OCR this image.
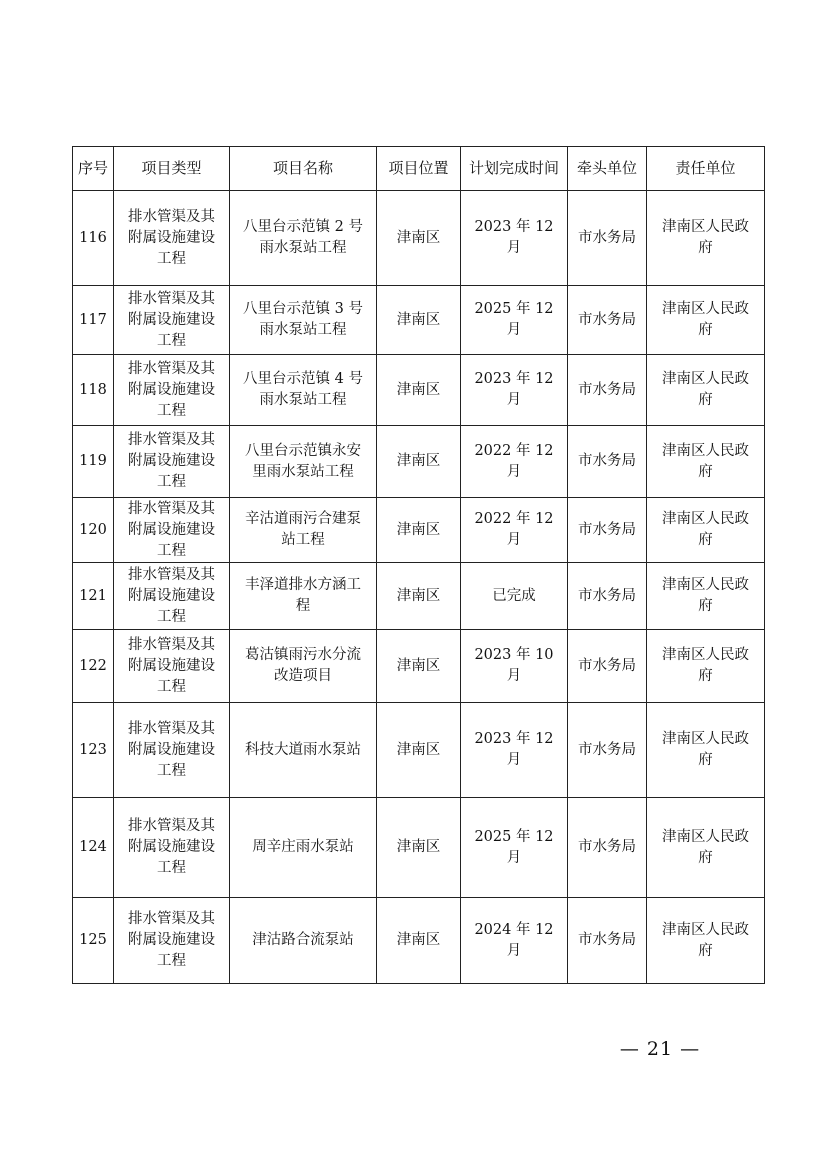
序号	项目类型	项目名称	项目位置	计划完成时间	牵头单位	责任单位
116	排水管渠及其附属设施建设工程	八里台示范镇 2 号雨水泵站工程	津南区	2023 年 12 月	市水务局	津南区人民政府
117	排水管渠及其附属设施建设工程	八里台示范镇 3 号雨水泵站工程	津南区	2025 年 12 月	市水务局	津南区人民政府
118	排水管渠及其附属设施建设工程	八里台示范镇 4 号雨水泵站工程	津南区	2023 年 12 月	市水务局	津南区人民政府
119	排水管渠及其附属设施建设工程	八里台示范镇永安里雨水泵站工程	津南区	2022 年 12 月	市水务局	津南区人民政府
120	排水管渠及其附属设施建设工程	辛沽道雨污合建泵站工程	津南区	2022 年 12 月	市水务局	津南区人民政府
121	排水管渠及其附属设施建设工程	丰泽道排水方涵工程	津南区	已完成	市水务局	津南区人民政府
122	排水管渠及其附属设施建设工程	葛沽镇雨污水分流改造项目	津南区	2023 年 10 月	市水务局	津南区人民政府
123	排水管渠及其附属设施建设工程	科技大道雨水泵站	津南区	2023 年 12 月	市水务局	津南区人民政府
124	排水管渠及其附属设施建设工程	周辛庄雨水泵站	津南区	2025 年 12 月	市水务局	津南区人民政府
125	排水管渠及其附属设施建设工程	津沽路合流泵站	津南区	2024 年 12 月	市水务局	津南区人民政府
— 21 —
